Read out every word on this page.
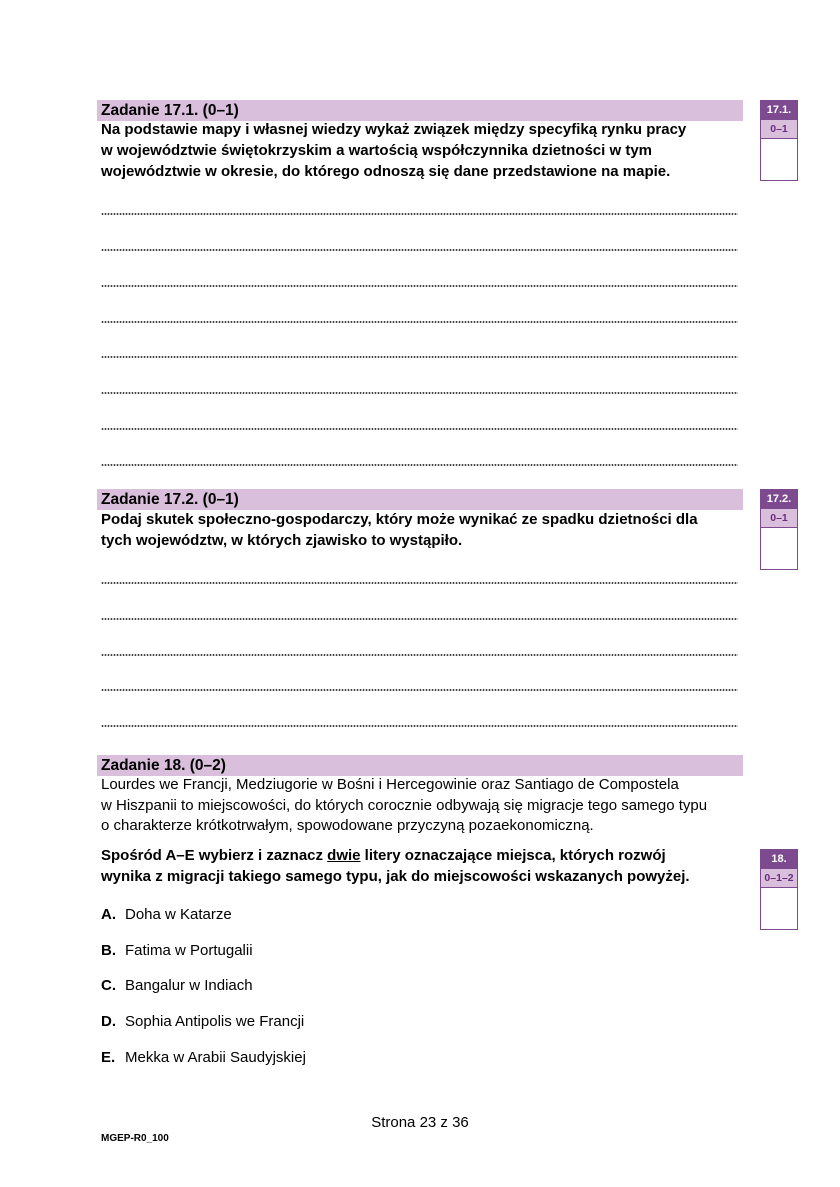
Zadanie 17.1. (0–1)
Na podstawie mapy i własnej wiedzy wykaż związek między specyfiką rynku pracy
w województwie świętokrzyskim a wartością współczynnika dzietności w tym
województwie w okresie, do którego odnoszą się dane przedstawione na mapie.
17.1.
0–1
Zadanie 17.2. (0–1)
Podaj skutek społeczno-gospodarczy, który może wynikać ze spadku dzietności dla
tych województw, w których zjawisko to wystąpiło.
17.2.
0–1
Zadanie 18. (0–2)
Lourdes we Francji, Medziugorie w Bośni i Hercegowinie oraz Santiago de Compostela
w Hiszpanii to miejscowości, do których corocznie odbywają się migracje tego samego typu
o charakterze krótkotrwałym, spowodowane przyczyną pozaekonomiczną.
Spośród A–E wybierz i zaznacz dwie litery oznaczające miejsca, których rozwój
wynika z migracji takiego samego typu, jak do miejscowości wskazanych powyżej.
18.
0–1–2
A. Doha w Katarze
B. Fatima w Portugalii
C. Bangalur w Indiach
D. Sophia Antipolis we Francji
E. Mekka w Arabii Saudyjskiej
Strona 23 z 36
MGEP-R0_100
